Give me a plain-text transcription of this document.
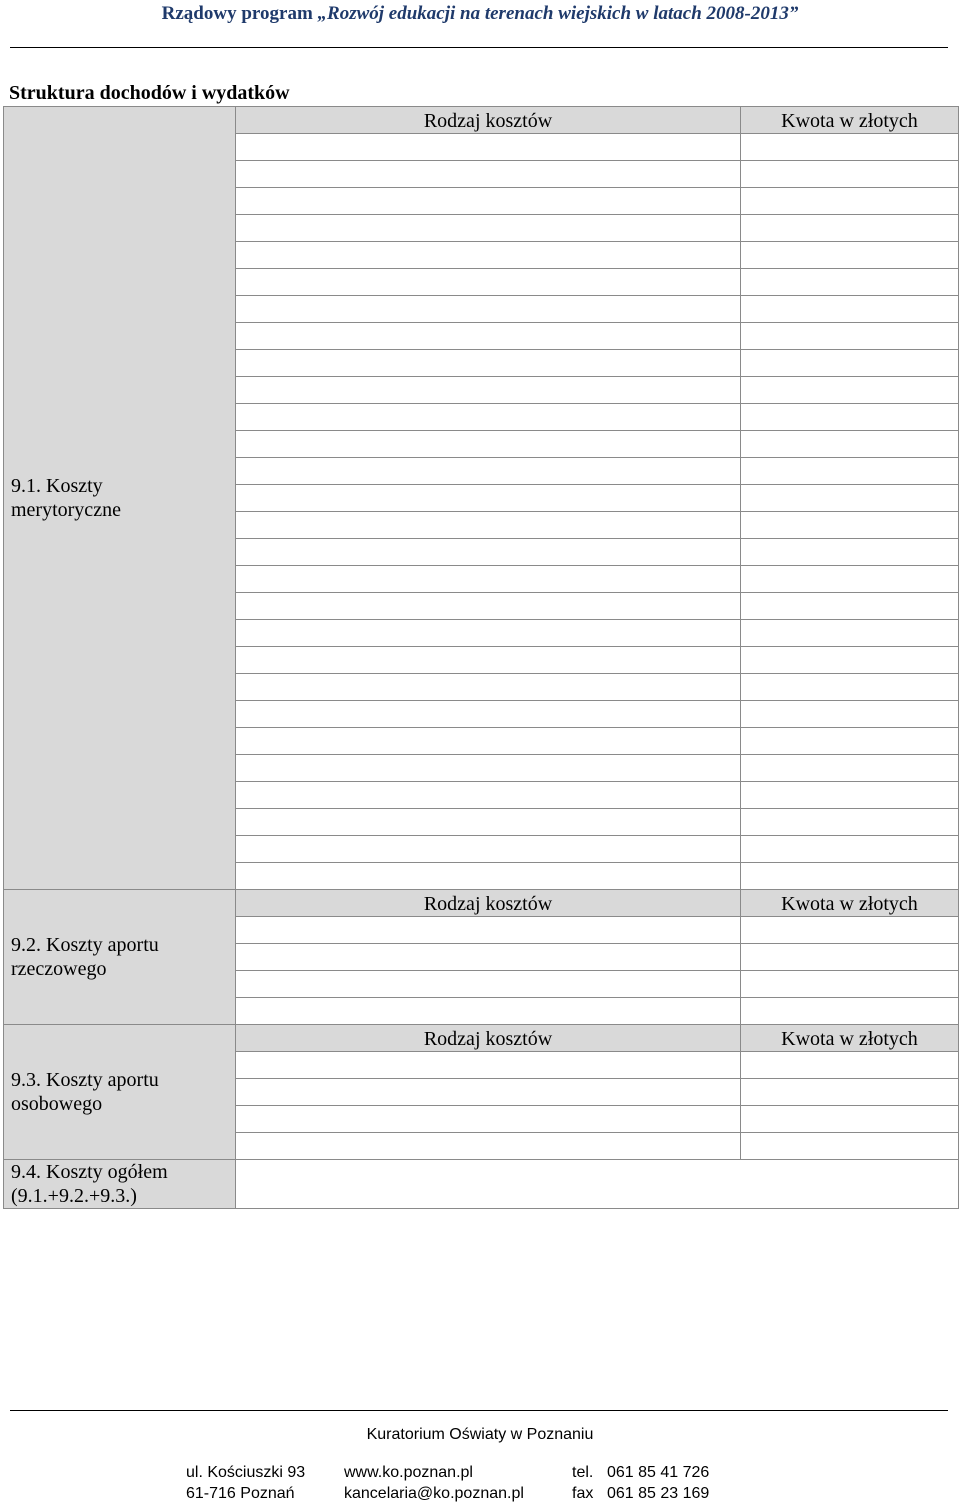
Rządowy program „Rozwój edukacji na terenach wiejskich w latach 2008-2013”
Struktura dochodów i wydatków
9.1. Koszty
merytoryczne	Rodzaj kosztów	Kwota w złotych

9.2. Koszty aportu
rzeczowego	Rodzaj kosztów	Kwota w złotych

9.3. Koszty aportu
osobowego	Rodzaj kosztów	Kwota w złotych

9.4. Koszty ogółem
(9.1.+9.2.+9.3.)		

Kuratorium Oświaty w Poznaniu
ul. Kościuszki 93
61-716 Poznań
www.ko.poznan.pl
kancelaria@ko.poznan.pl
tel. 061 85 41 726
fax 061 85 23 169
